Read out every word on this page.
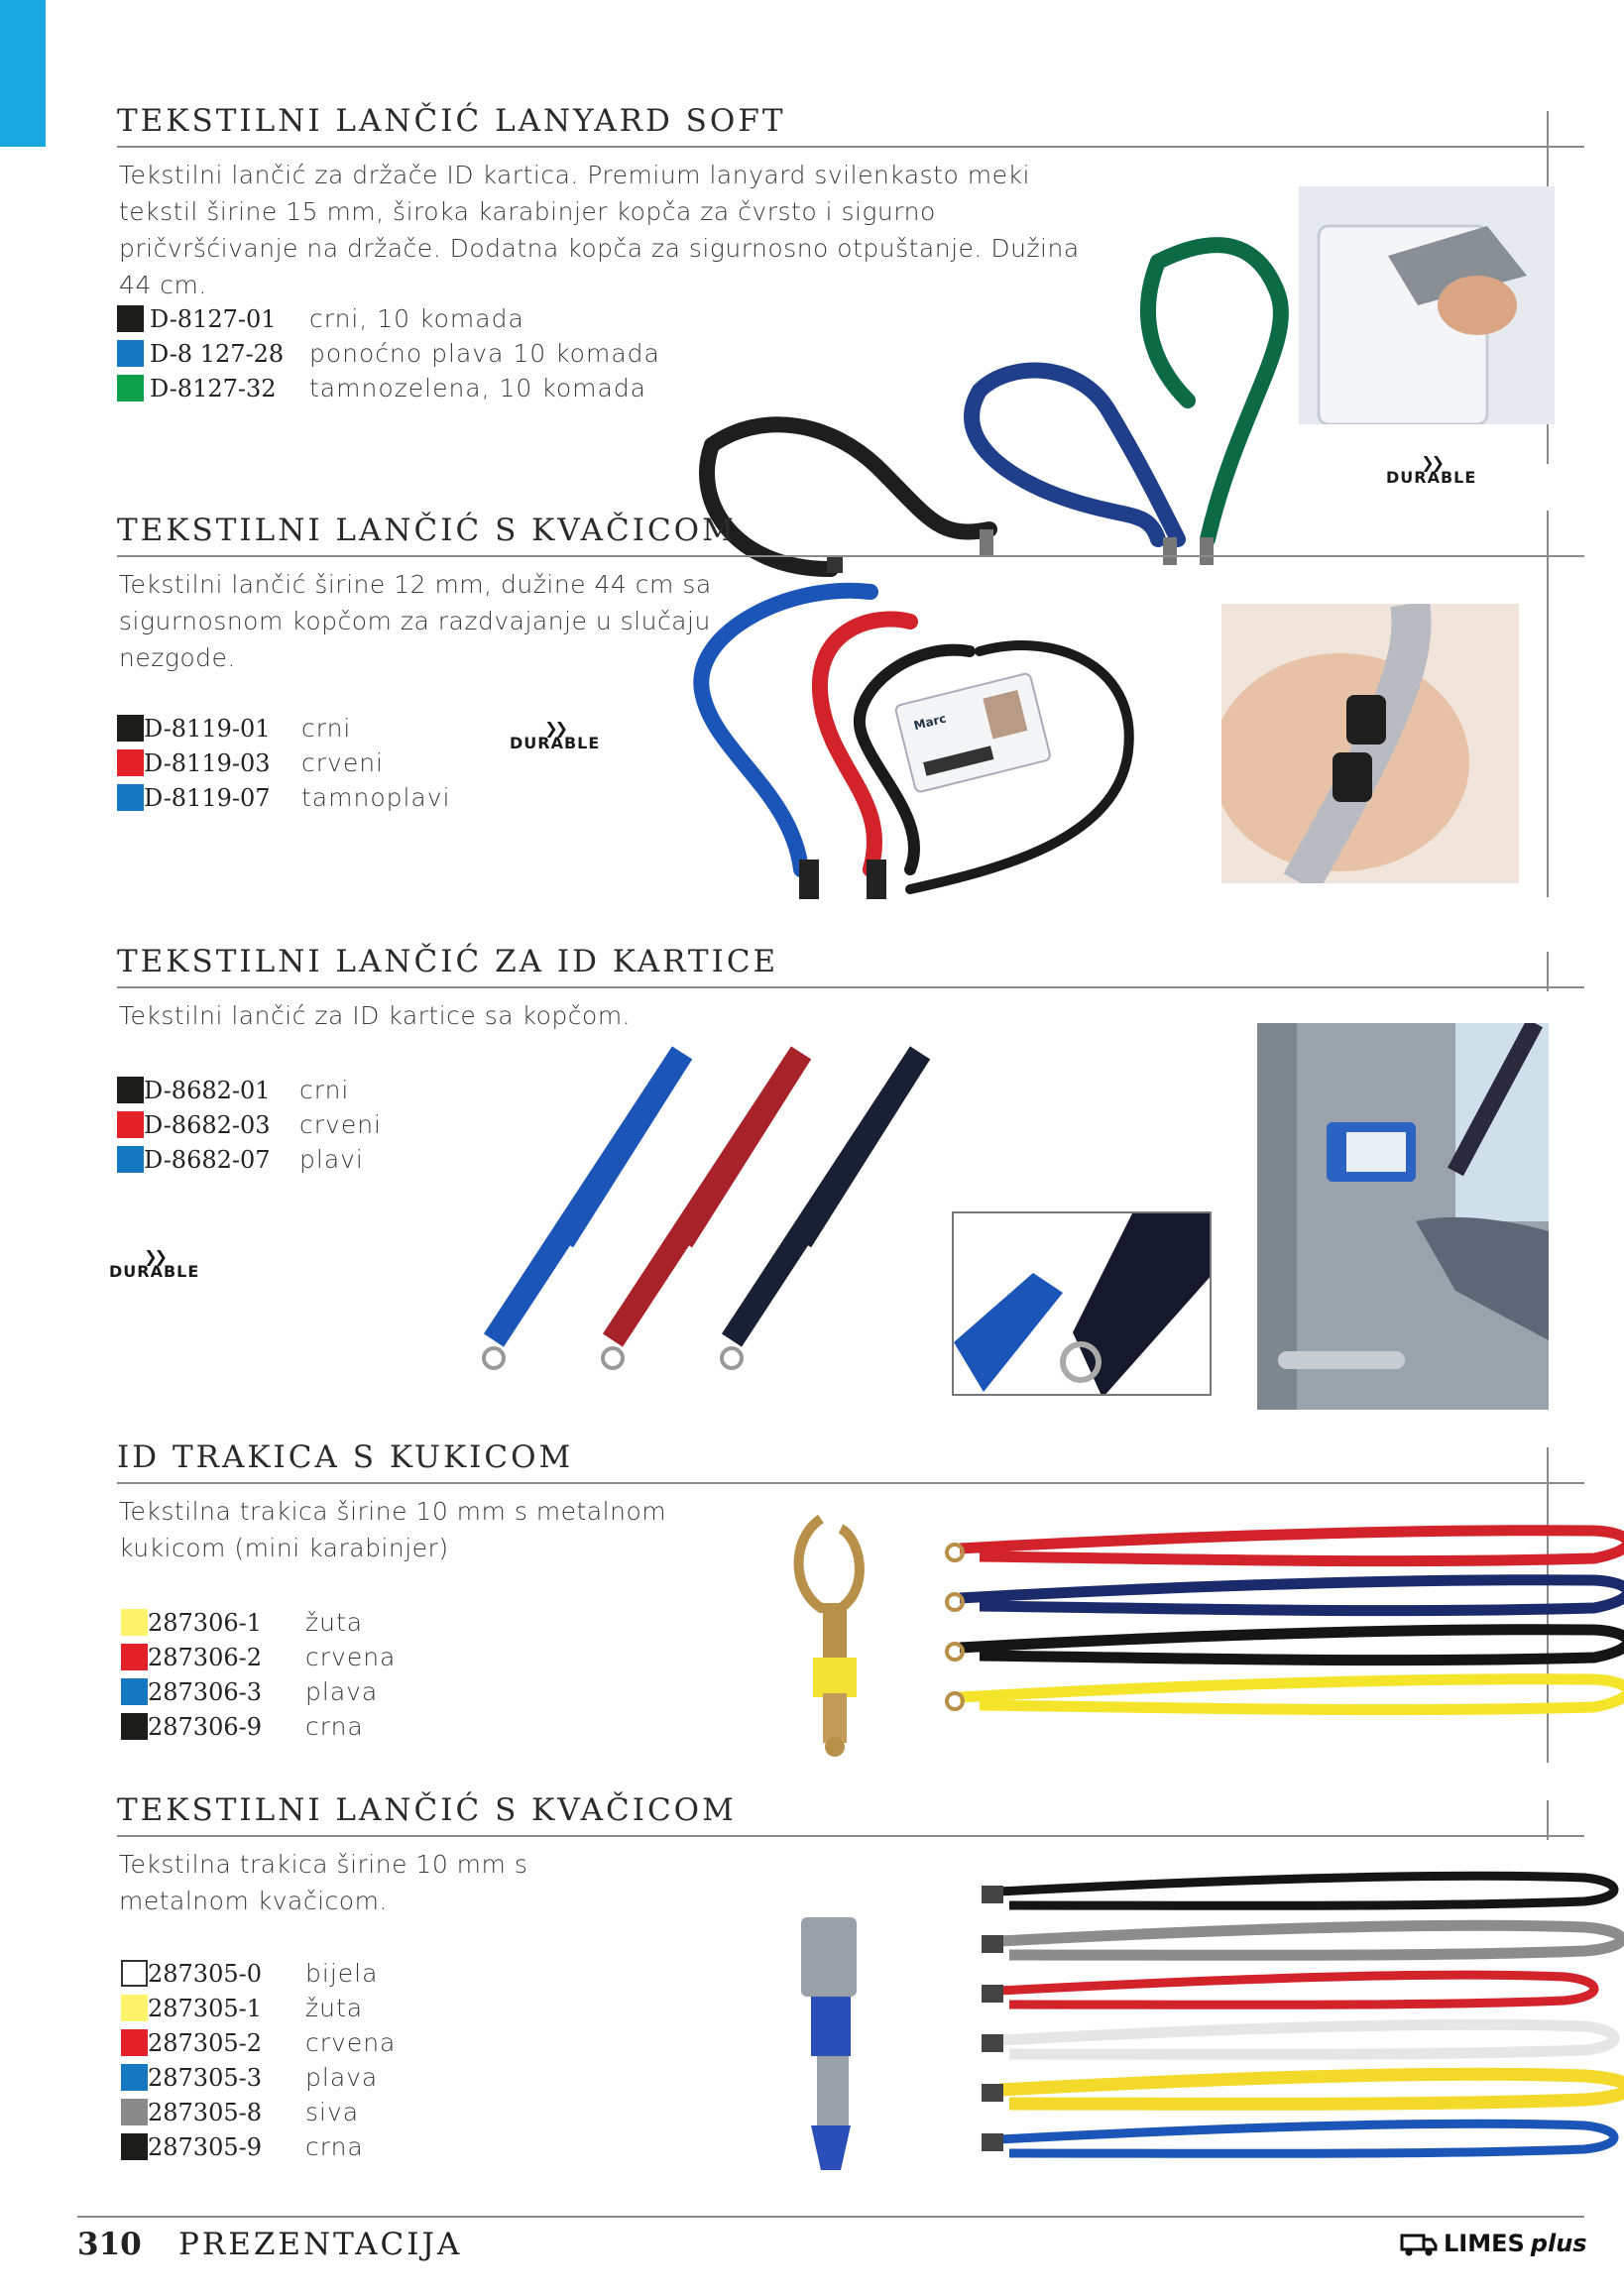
TEKSTILNI LANČIĆ LANYARD SOFT
Tekstilni lančić za držače ID kartica. Premium lanyard svilenkasto meki tekstil širine 15 mm, široka karabinjer kopča za čvrsto i sigurno pričvršćivanje na držače. Dodatna kopča za sigurnosno otpuštanje. Dužina 44 cm.
D-8127-01 crni, 10 komada
D-8 127-28 ponoćno plava 10 komada
D-8127-32 tamnozelena, 10 komada
❯❯
DURABLE
TEKSTILNI LANČIĆ S KVAČICOM
Tekstilni lančić širine 12 mm, dužine 44 cm sa sigurnosnom kopčom za razdvajanje u slučaju nezgode.
D-8119-01 crni
D-8119-03 crveni
D-8119-07 tamnoplavi
❯❯
DURABLE
Marc
TEKSTILNI LANČIĆ ZA ID KARTICE
Tekstilni lančić za ID kartice sa kopčom.
D-8682-01 crni
D-8682-03 crveni
D-8682-07 plavi
❯❯
DURABLE
ID TRAKICA S KUKICOM
Tekstilna trakica širine 10 mm s metalnom kukicom (mini karabinjer)
287306-1 žuta
287306-2 crvena
287306-3 plava
287306-9 crna
TEKSTILNI LANČIĆ S KVAČICOM
Tekstilna trakica širine 10 mm s metalnom kvačicom.
287305-0 bijela
287305-1 žuta
287305-2 crvena
287305-3 plava
287305-8 siva
287305-9 crna
310 PREZENTACIJA	LIMES plus
